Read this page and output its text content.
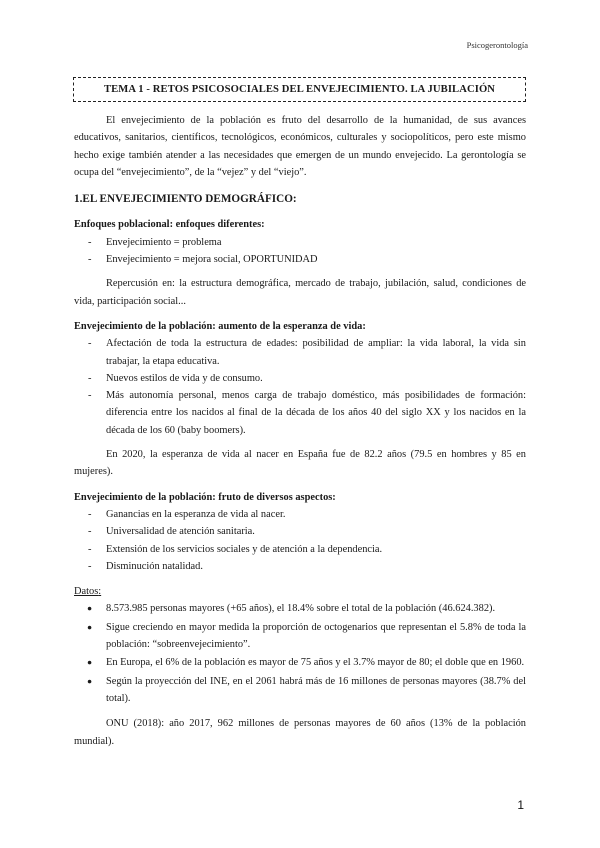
Psicogerontología
TEMA 1 - RETOS PSICOSOCIALES DEL ENVEJECIMIENTO. LA JUBILACIÓN

El envejecimiento de la población es fruto del desarrollo de la humanidad, de sus avances educativos, sanitarios, científicos, tecnológicos, económicos, culturales y sociopolíticos, pero este mismo hecho exige también atender a las necesidades que emergen de un mundo envejecido. La gerontología se ocupa del “envejecimiento”, de la “vejez” y del “viejo”.

1.EL ENVEJECIMIENTO DEMOGRÁFICO:

Enfoques poblacional: enfoques diferentes:

- Envejecimiento = problema
- Envejecimiento = mejora social, OPORTUNIDAD

Repercusión en: la estructura demográfica, mercado de trabajo, jubilación, salud, condiciones de vida, participación social...

Envejecimiento de la población: aumento de la esperanza de vida:

- Afectación de toda la estructura de edades: posibilidad de ampliar: la vida laboral, la vida sin trabajar, la etapa educativa.
- Nuevos estilos de vida y de consumo.
- Más autonomía personal, menos carga de trabajo doméstico, más posibilidades de formación: diferencia entre los nacidos al final de la década de los años 40 del siglo XX y los nacidos en la década de los 60 (baby boomers).

En 2020, la esperanza de vida al nacer en España fue de 82.2 años (79.5 en hombres y 85 en mujeres).

Envejecimiento de la población: fruto de diversos aspectos:

- Ganancias en la esperanza de vida al nacer.
- Universalidad de atención sanitaria.
- Extensión de los servicios sociales y de atención a la dependencia.
- Disminución natalidad.

Datos:

● 8.573.985 personas mayores (+65 años), el 18.4% sobre el total de la población (46.624.382).
● Sigue creciendo en mayor medida la proporción de octogenarios que representan el 5.8% de toda la población: “sobreenvejecimiento”.
● En Europa, el 6% de la población es mayor de 75 años y el 3.7% mayor de 80; el doble que en 1960.
● Según la proyección del INE, en el 2061 habrá más de 16 millones de personas mayores (38.7% del total).

ONU (2018): año 2017, 962 millones de personas mayores de 60 años (13% de la población mundial).

1
